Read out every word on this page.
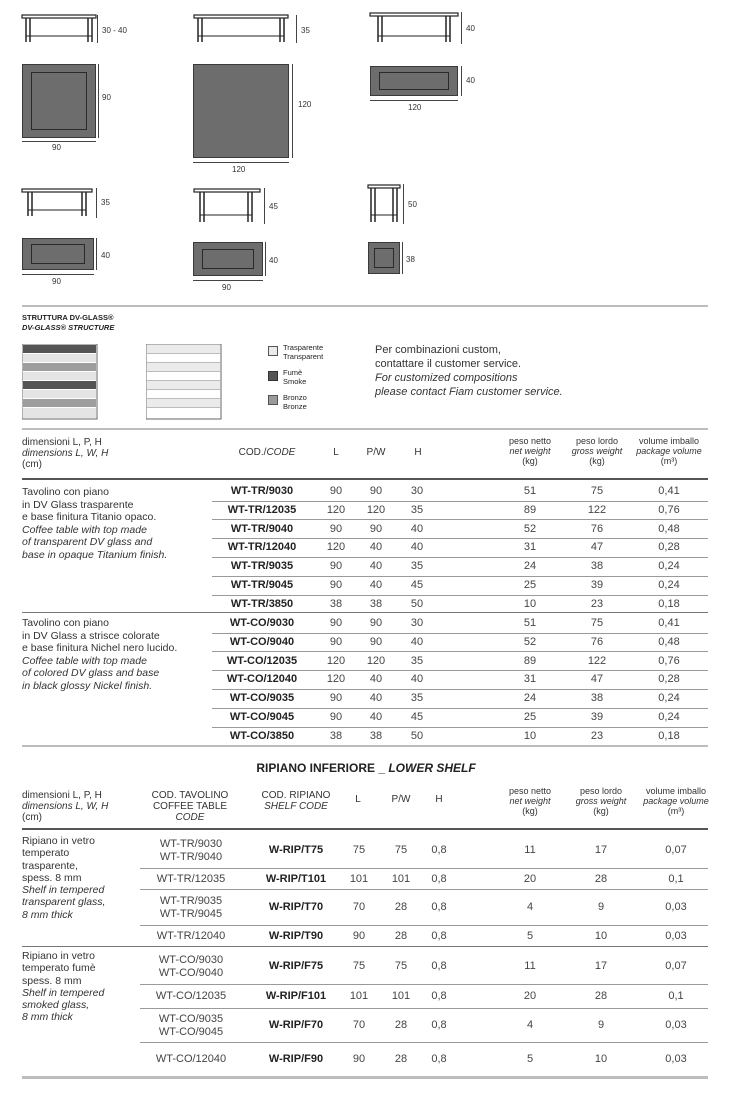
30 - 40	35	40
90
90
120
120
40
120
35	45	50
40
90
40
90
38
STRUTTURA DV-GLASS®
DV-GLASS® STRUCTURE
Trasparente
Transparent
Fumè
Smoke
Bronzo
Bronze
Per combinazioni custom,
contattare il customer service.
For customized compositions
please contact Fiam customer service.
dimensioni L, P, H
dimensions L, W, H
(cm)
COD./CODE	L	P/W	H
peso netto
net weight
(kg)
peso lordo
gross weight
(kg)
volume imballo
package volume
(m³)
Tavolino con piano
in DV Glass trasparente
e base finitura Titanio opaco.
Coffee table with top made
of transparent DV glass and
base in opaque Titanium finish.
Tavolino con piano
in DV Glass a strisce colorate
e base finitura Nichel nero lucido.
Coffee table with top made
of colored DV glass and base
in black glossy Nickel finish.
WT-TR/9030	90	90	30	51	75	0,41
WT-TR/12035	120	120	35	89	122	0,76
WT-TR/9040	90	90	40	52	76	0,48
WT-TR/12040	120	40	40	31	47	0,28
WT-TR/9035	90	40	35	24	38	0,24
WT-TR/9045	90	40	45	25	39	0,24
WT-TR/3850	38	38	50	10	23	0,18
WT-CO/9030	90	90	30	51	75	0,41
WT-CO/9040	90	90	40	52	76	0,48
WT-CO/12035	120	120	35	89	122	0,76
WT-CO/12040	120	40	40	31	47	0,28
WT-CO/9035	90	40	35	24	38	0,24
WT-CO/9045	90	40	45	25	39	0,24
WT-CO/3850	38	38	50	10	23	0,18
RIPIANO INFERIORE _ LOWER SHELF
dimensioni L, P, H
dimensions L, W, H
(cm)
COD. TAVOLINO
COFFEE TABLE
CODE
COD. RIPIANO
SHELF CODE
L	P/W	H
peso netto
net weight
(kg)
peso lordo
gross weight
(kg)
volume imballo
package volume
(m³)
Ripiano in vetro
temperato
trasparente,
spess. 8 mm
Shelf in tempered
transparent glass,
8 mm thick
Ripiano in vetro
temperato fumè
spess. 8 mm
Shelf in tempered
smoked glass,
8 mm thick
WT-TR/9030
WT-TR/9040
W-RIP/T75	75	75	0,8	11	17	0,07
WT-TR/12035	W-RIP/T101	101	101	0,8	20	28	0,1
WT-TR/9035
WT-TR/9045
W-RIP/T70	70	28	0,8	4	9	0,03
WT-TR/12040	W-RIP/T90	90	28	0,8	5	10	0,03
WT-CO/9030
WT-CO/9040
W-RIP/F75	75	75	0,8	11	17	0,07
WT-CO/12035	W-RIP/F101	101	101	0,8	20	28	0,1
WT-CO/9035
WT-CO/9045
W-RIP/F70	70	28	0,8	4	9	0,03
WT-CO/12040	W-RIP/F90	90	28	0,8	5	10	0,03
